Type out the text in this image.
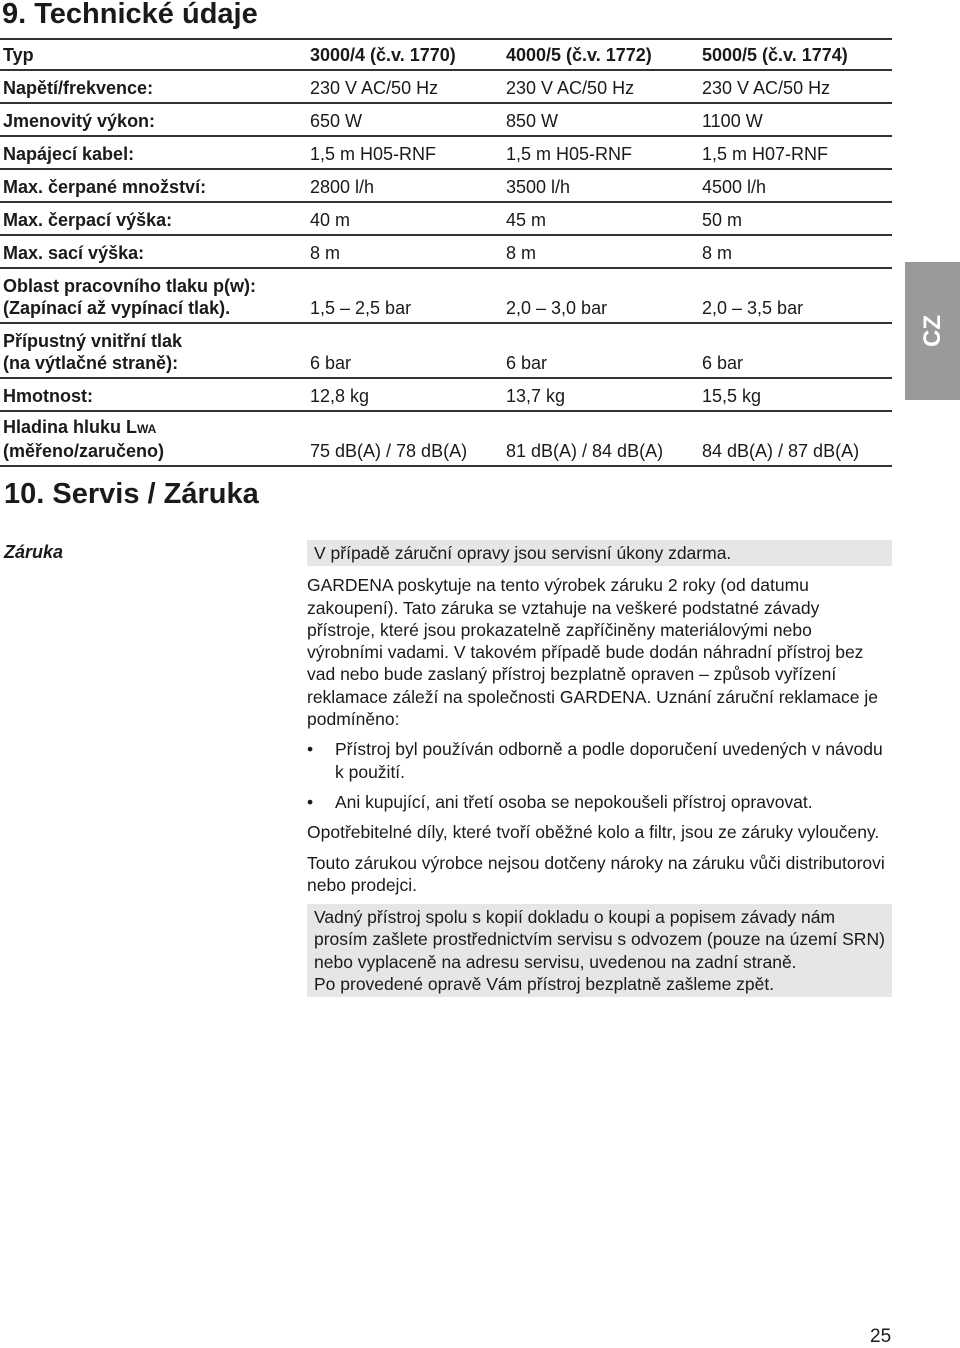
9. Technické údaje
Typ	3000/4 (č.v. 1770)	4000/5 (č.v. 1772)	5000/5 (č.v. 1774)
Napětí/frekvence:	230 V AC/50 Hz	230 V AC/50 Hz	230 V AC/50 Hz
Jmenovitý výkon:	650 W	850 W	1100 W
Napájecí kabel:	1,5 m H05-RNF	1,5 m H05-RNF	1,5 m H07-RNF
Max. čerpané množství:	2800 l/h	3500 l/h	4500 l/h
Max. čerpací výška:	40 m	45 m	50 m
Max. sací výška:	8 m	8 m	8 m

Oblast pracovního tlaku p(w):
(Zapínací až vypínací tlak).	1,5 – 2,5 bar	2,0 – 3,0 bar	2,0 – 3,5 bar

Přípustný vnitřní tlak
(na výtlačné straně):	6 bar	6 bar	6 bar
Hmotnost:	12,8 kg	13,7 kg	15,5 kg

Hladina hluku LWA
(měřeno/zaručeno)	75 dB(A) / 78 dB(A)	81 dB(A) / 84 dB(A)	84 dB(A) / 87 dB(A)
CZ
10. Servis / Záruka
Záruka	V případě záruční opravy jsou servisní úkony zdarma.

GARDENA poskytuje na tento výrobek záruku 2 roky (od datumu zakoupení). Tato záruka se vztahuje na veškeré podstatné závady přístroje, které jsou prokazatelně zapříčiněny materiálovými nebo výrobními vadami. V takovém případě bude dodán náhradní přístroj bez vad nebo bude zaslaný přístroj bezplatně opraven – způsob vyřízení reklamace záleží na společnosti GARDENA. Uznání záruční reklamace je podmíněno:

• Přístroj byl používán odborně a podle doporučení uvedených v návodu k použití.
• Ani kupující, ani třetí osoba se nepokoušeli přístroj opravovat.

Opotřebitelné díly, které tvoří oběžné kolo a filtr, jsou ze záruky vyloučeny.

Touto zárukou výrobce nejsou dotčeny nároky na záruku vůči distributorovi nebo prodejci.

Vadný přístroj spolu s kopií dokladu o koupi a popisem závady nám prosím zašlete prostřednictvím servisu s odvozem (pouze na území SRN) nebo vyplaceně na adresu servisu, uvedenou na zadní straně.
Po provedené opravě Vám přístroj bezplatně zašleme zpět.
25
